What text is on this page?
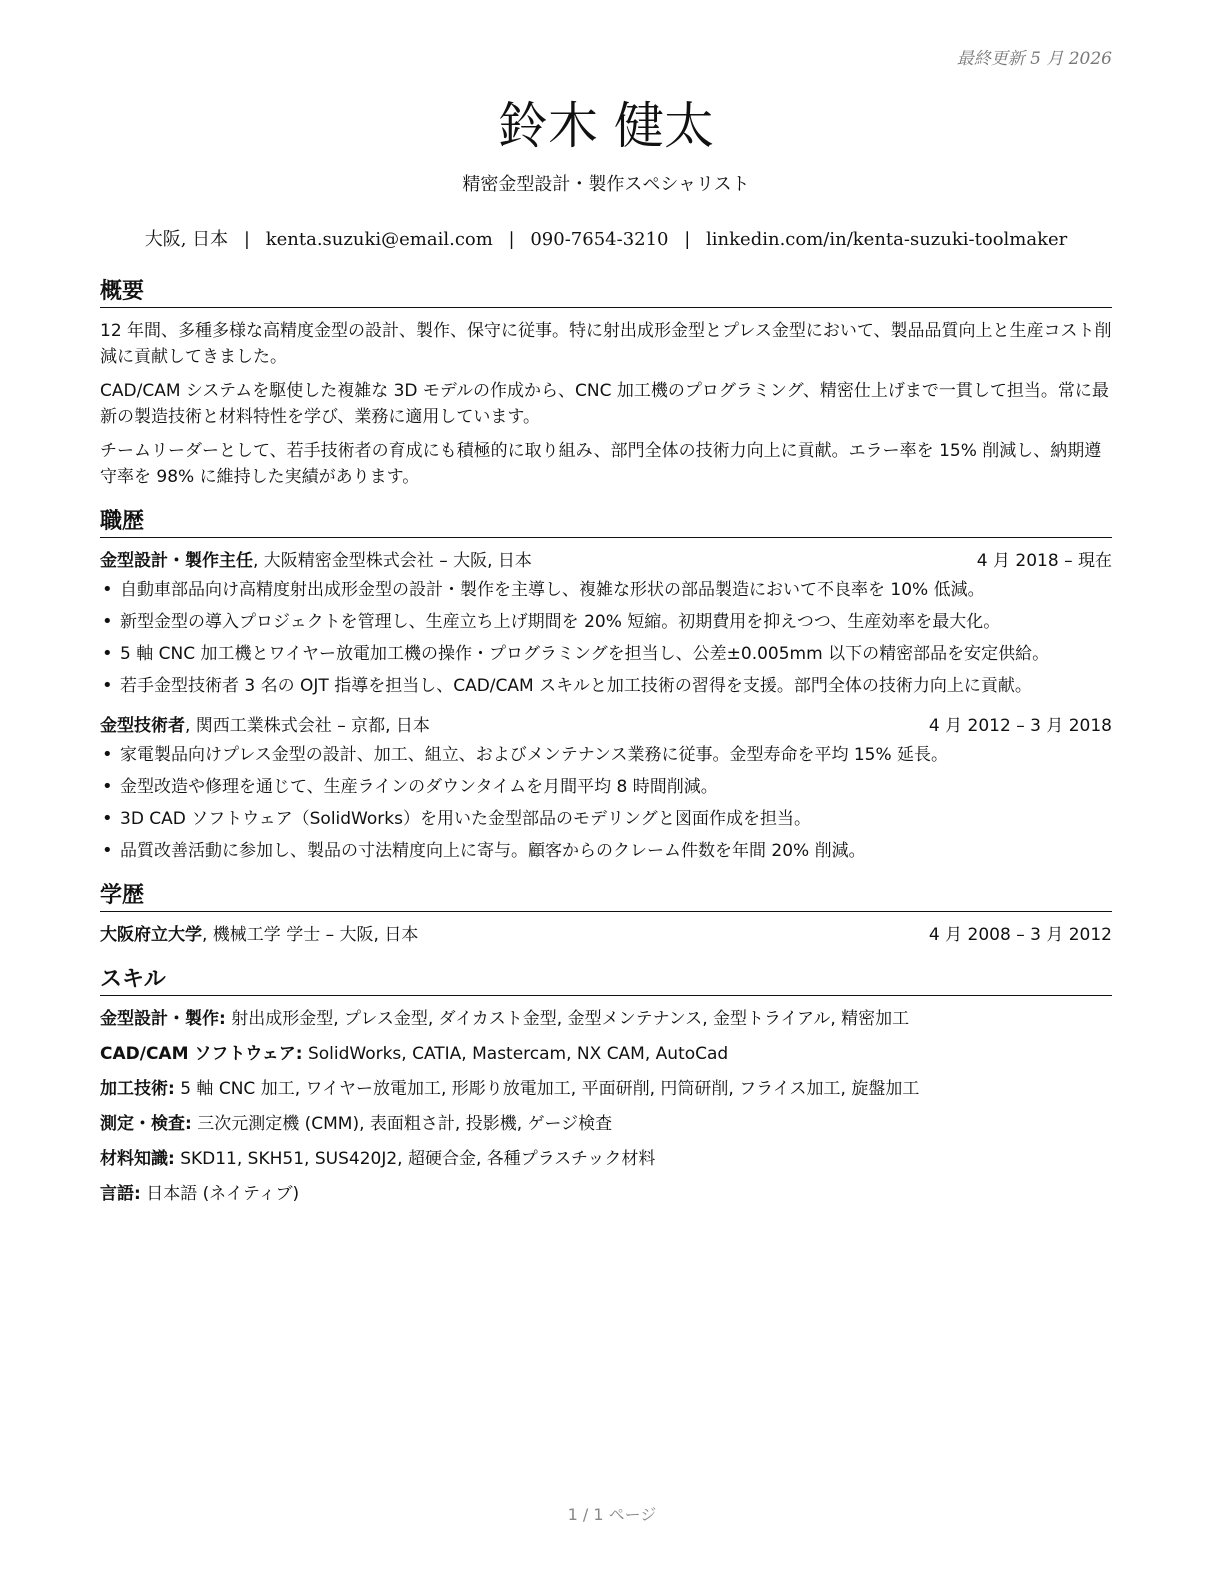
最終更新 5 月 2026
鈴木 健太
精密金型設計・製作スペシャリスト
大阪, 日本 | kenta.suzuki@email.com | 090-7654-3210 | linkedin.com/in/kenta-suzuki-toolmaker
概要

12 年間、多種多様な高精度金型の設計、製作、保守に従事。特に射出成形金型とプレス金型において、製品品質向上と生産コスト削減に貢献してきました。

CAD/CAM システムを駆使した複雑な 3D モデルの作成から、CNC 加工機のプログラミング、精密仕上げまで一貫して担当。常に最新の製造技術と材料特性を学び、業務に適用しています。

チームリーダーとして、若手技術者の育成にも積極的に取り組み、部門全体の技術力向上に貢献。エラー率を 15% 削減し、納期遵守率を 98% に維持した実績があります。

職歴
金型設計・製作主任, 大阪精密金型株式会社 – 大阪, 日本	4 月 2018 – 現在
• 自動車部品向け高精度射出成形金型の設計・製作を主導し、複雑な形状の部品製造において不良率を 10% 低減。
• 新型金型の導入プロジェクトを管理し、生産立ち上げ期間を 20% 短縮。初期費用を抑えつつ、生産効率を最大化。
• 5 軸 CNC 加工機とワイヤー放電加工機の操作・プログラミングを担当し、公差±0.005mm 以下の精密部品を安定供給。
• 若手金型技術者 3 名の OJT 指導を担当し、CAD/CAM スキルと加工技術の習得を支援。部門全体の技術力向上に貢献。
金型技術者, 関西工業株式会社 – 京都, 日本	4 月 2012 – 3 月 2018
• 家電製品向けプレス金型の設計、加工、組立、およびメンテナンス業務に従事。金型寿命を平均 15% 延長。
• 金型改造や修理を通じて、生産ラインのダウンタイムを月間平均 8 時間削減。
• 3D CAD ソフトウェア（SolidWorks）を用いた金型部品のモデリングと図面作成を担当。
• 品質改善活動に参加し、製品の寸法精度向上に寄与。顧客からのクレーム件数を年間 20% 削減。
学歴
大阪府立大学, 機械工学 学士 – 大阪, 日本	4 月 2008 – 3 月 2012
スキル
金型設計・製作: 射出成形金型, プレス金型, ダイカスト金型, 金型メンテナンス, 金型トライアル, 精密加工
CAD/CAM ソフトウェア: SolidWorks, CATIA, Mastercam, NX CAM, AutoCad
加工技術: 5 軸 CNC 加工, ワイヤー放電加工, 形彫り放電加工, 平面研削, 円筒研削, フライス加工, 旋盤加工
測定・検査: 三次元測定機 (CMM), 表面粗さ計, 投影機, ゲージ検査
材料知識: SKD11, SKH51, SUS420J2, 超硬合金, 各種プラスチック材料
言語: 日本語 (ネイティブ)
1 / 1 ページ
